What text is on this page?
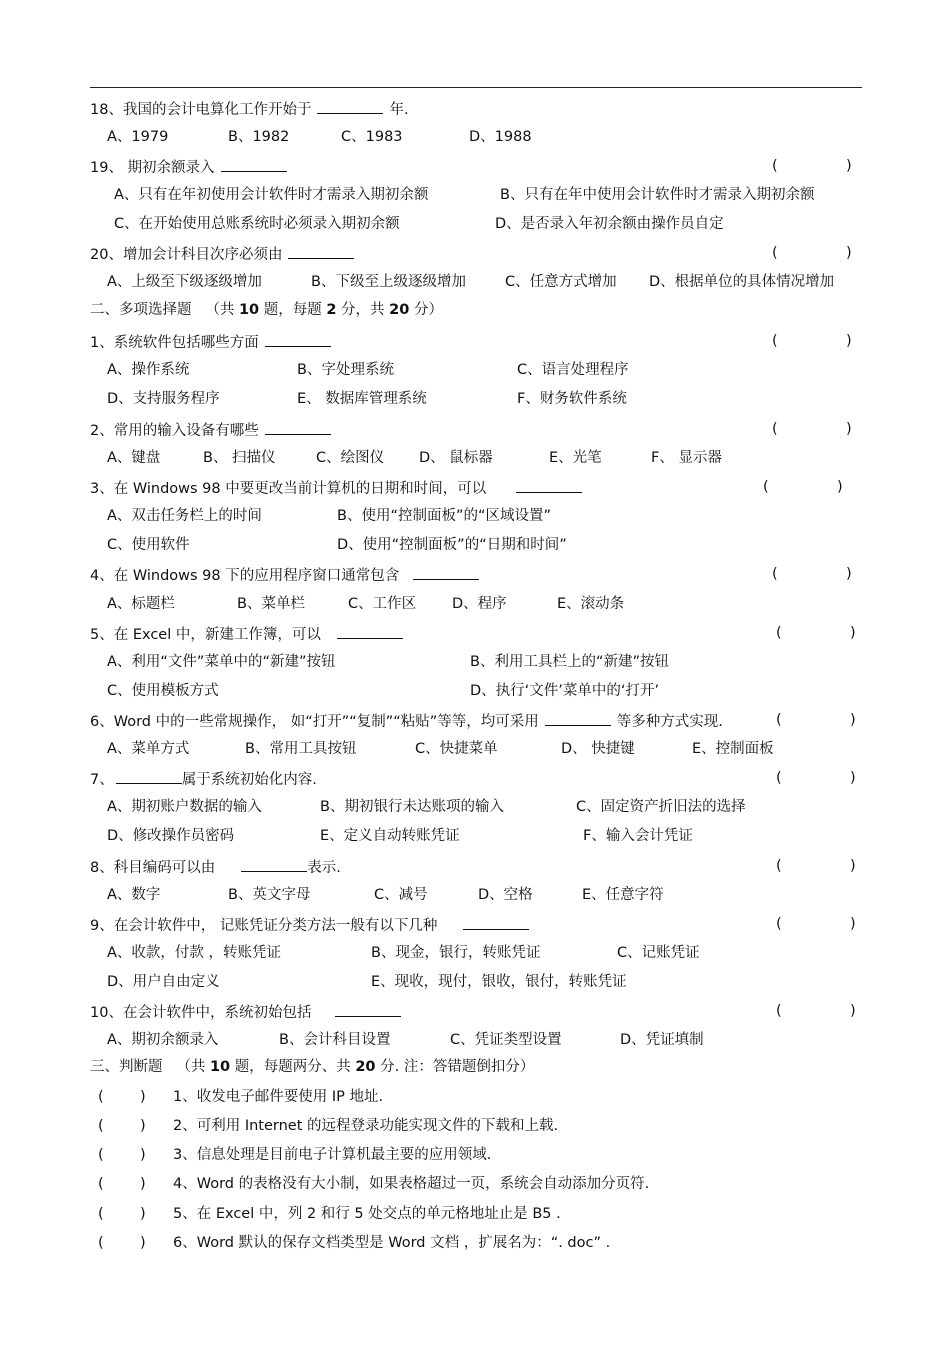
18、我国的会计电算化工作开始于	年.
A、1979	B、1982	C、1983	D、1988
19、 期初余额录入	(	)
A、只有在年初使用会计软件时才需录入期初余额	B、只有在年中使用会计软件时才需录入期初余额
C、在开始使用总账系统时必须录入期初余额	D、是否录入年初余额由操作员自定
20、增加会计科目次序必须由	(	)
A、上级至下级逐级增加	B、下级至上级逐级增加	C、任意方式增加 D、根据单位的具体情况增加
二、多项选择题 （共 10 题，每题 2 分，共 20 分）
1、系统软件包括哪些方面	(	)
A、操作系统	B、字处理系统	C、语言处理程序
D、支持服务程序	E、 数据库管理系统	F、财务软件系统
2、常用的输入设备有哪些	(	)
A、键盘	B、 扫描仪	C、绘图仪 D、 鼠标器	E、光笔	F、 显示器
3、在 Windows 98 中要更改当前计算机的日期和时间，可以	(	)
A、双击任务栏上的时间	B、使用“控制面板”的“区域设置”
C、使用软件	D、使用“控制面板”的“日期和时间”
4、在 Windows 98 下的应用程序窗口通常包含	(	)
A、标题栏	B、菜单栏	C、工作区 D、程序	E、滚动条
5、在 Excel 中，新建工作簿，可以	(	)
A、利用“文件”菜单中的“新建”按钮	B、利用工具栏上的“新建”按钮
C、使用模板方式	D、执行‘文件’菜单中的‘打开’
6、Word 中的一些常规操作， 如“打开”“复制”“粘贴”等等，均可采用	等多种方式实现.	(	)
A、菜单方式	B、常用工具按钮	C、快捷菜单	D、 快捷键	E、控制面板
7、	属于系统初始化内容.	(	)
A、期初账户数据的输入	B、期初银行未达账项的输入	C、固定资产折旧法的选择
D、修改操作员密码	E、定义自动转账凭证	F、输入会计凭证
8、科目编码可以由	表示.	(	)
A、数字	B、英文字母	C、减号	D、空格	E、任意字符
9、在会计软件中， 记账凭证分类方法一般有以下几种	(	)
A、收款，付款 ，转账凭证	B、现金，银行，转账凭证	C、记账凭证
D、用户自由定义	E、现收，现付，银收，银付，转账凭证
10、在会计软件中，系统初始包括	(	)
A、期初余额录入	B、会计科目设置	C、凭证类型设置	D、凭证填制
三、判断题 （共 10 题，每题两分、共 20 分. 注：答错题倒扣分）
(	) 1、收发电子邮件要使用 IP 地址.
(	) 2、可利用 Internet 的远程登录功能实现文件的下载和上载.
(	) 3、信息处理是目前电子计算机最主要的应用领域.
(	) 4、Word 的表格没有大小制，如果表格超过一页，系统会自动添加分页符.
(	) 5、在 Excel 中，列 2 和行 5 处交点的单元格地址止是 B5 .
(	) 6、Word 默认的保存文档类型是 Word 文档 ，扩展名为：“. doc” .
